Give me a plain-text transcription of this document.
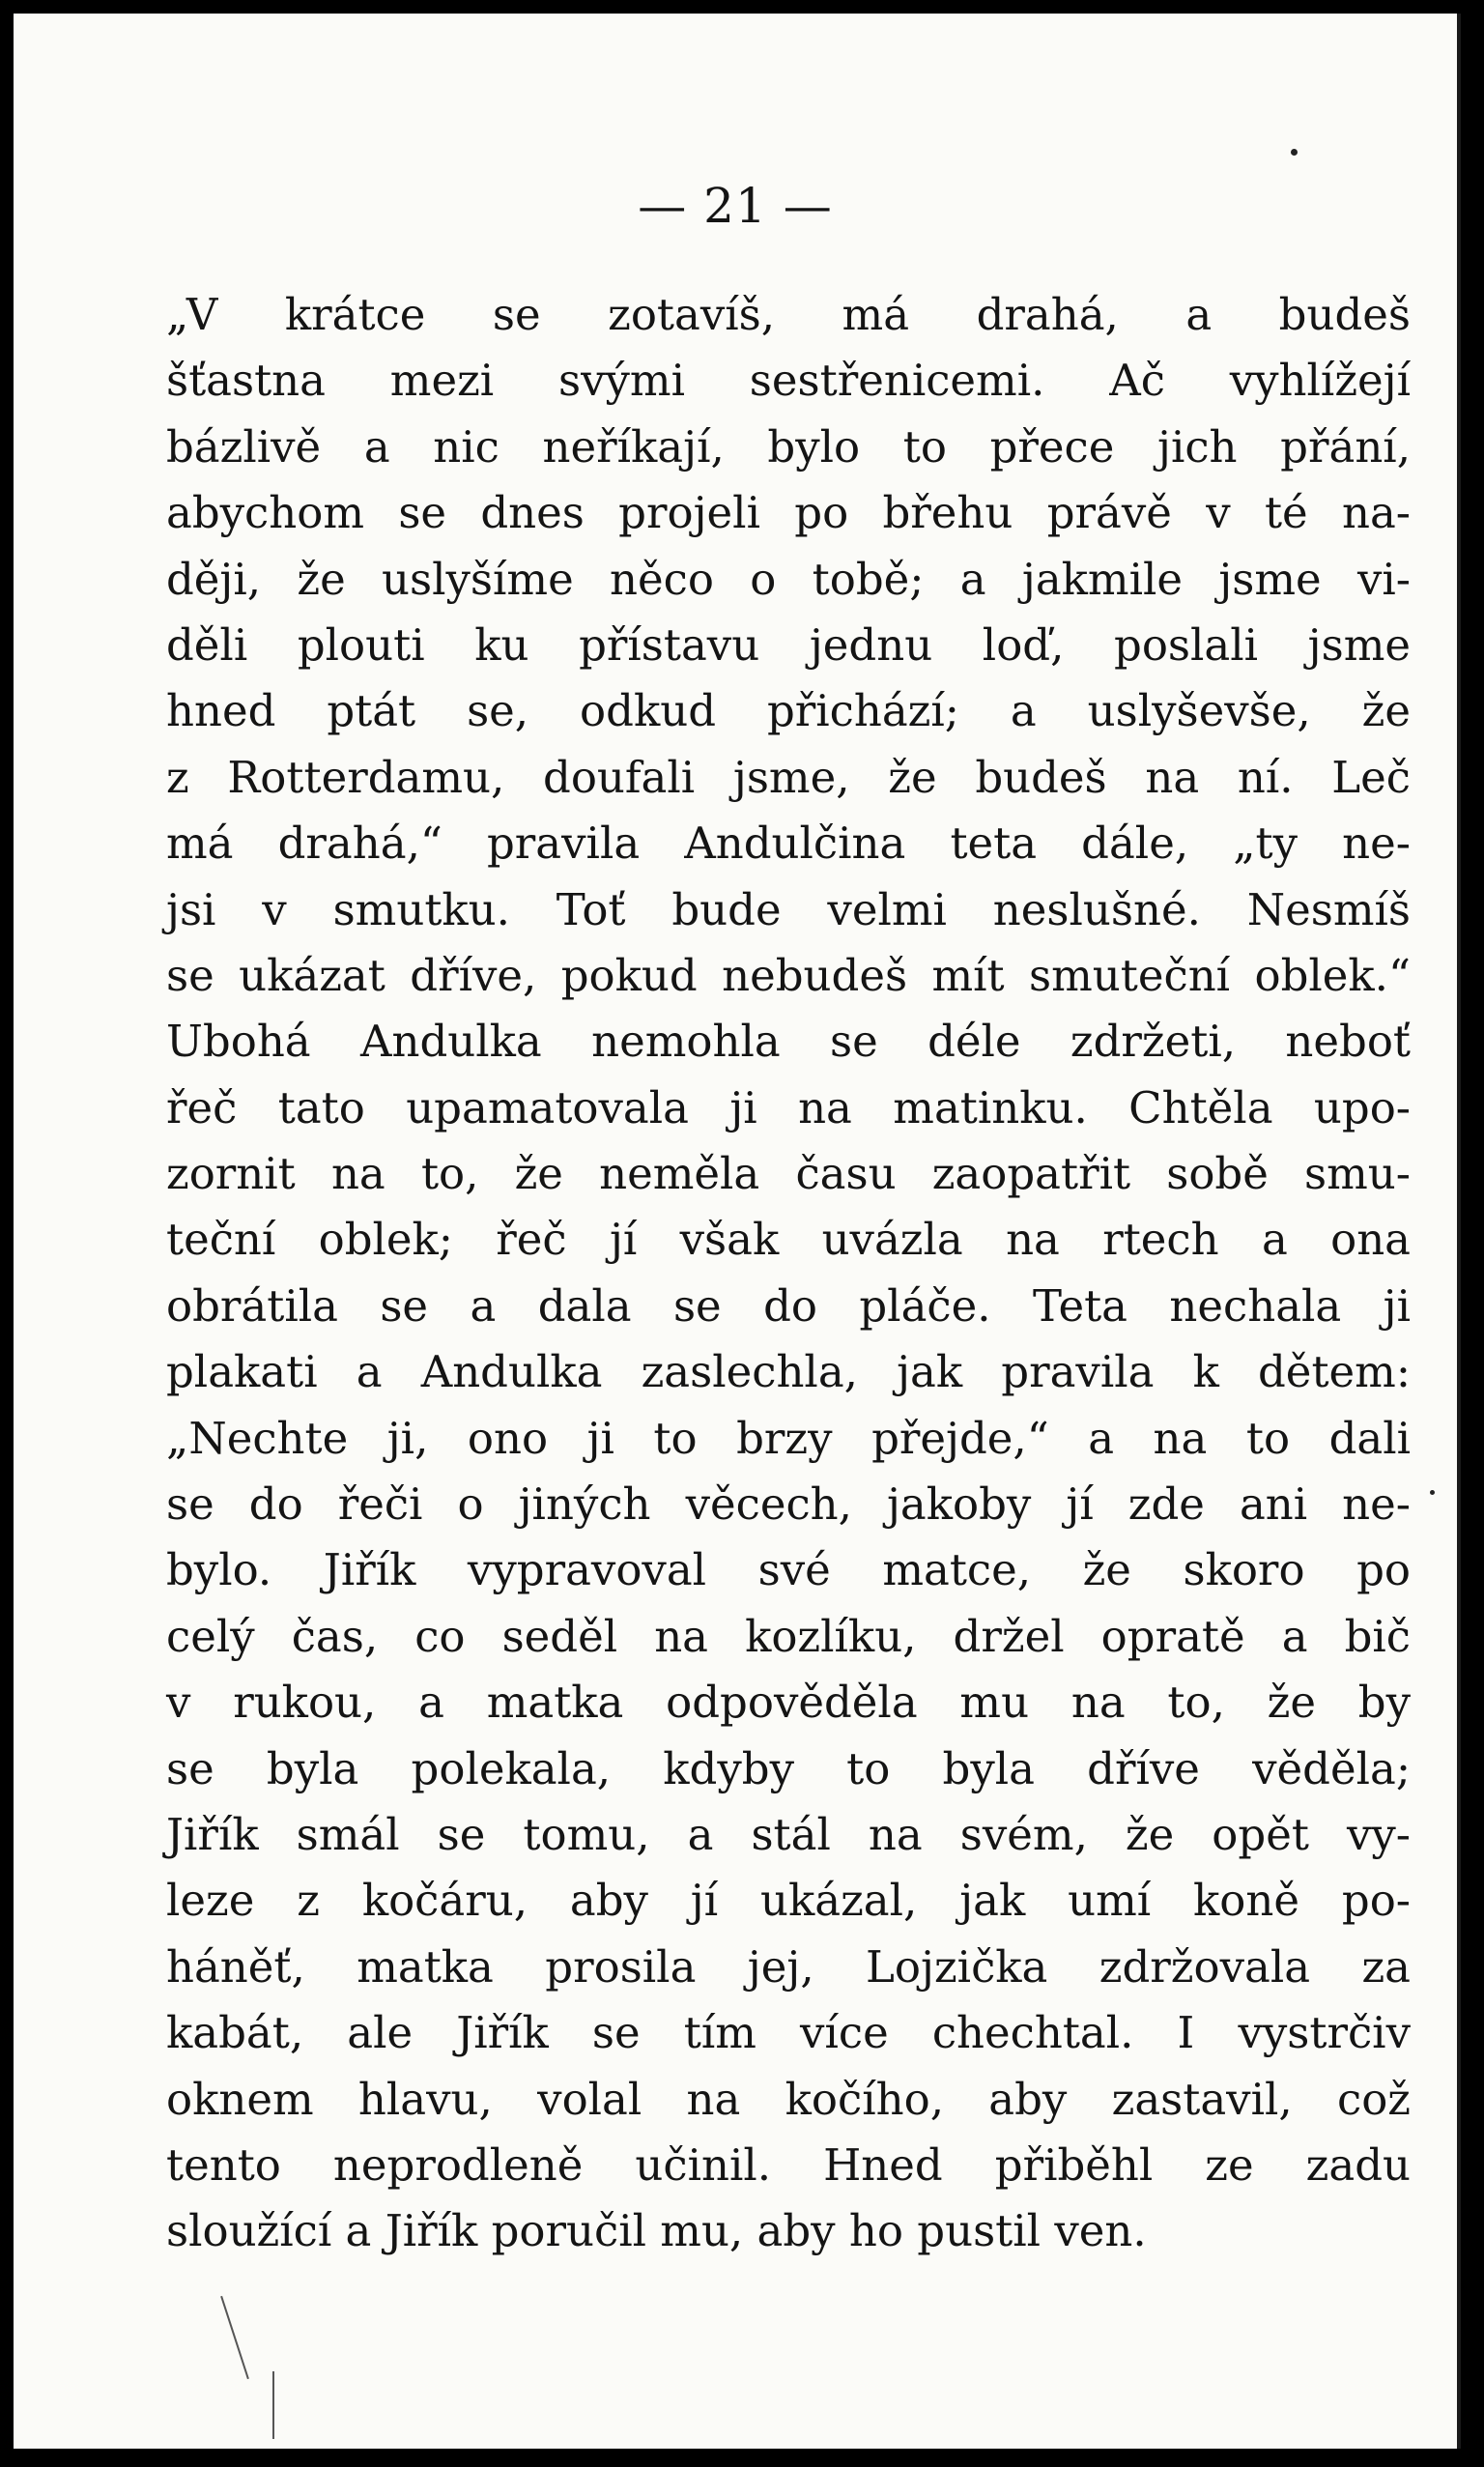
— 21 —
„V krátce se zotavíš, má drahá, a budeš
šťastna mezi svými sestřenicemi. Ač vyhlížejí
bázlivě a nic neříkají, bylo to přece jich přání,
abychom se dnes projeli po břehu právě v té na-
ději, že uslyšíme něco o tobě; a jakmile jsme vi-
děli plouti ku přístavu jednu loď, poslali jsme
hned ptát se, odkud přichází; a uslyševše, že
z Rotterdamu, doufali jsme, že budeš na ní. Leč
má drahá,“ pravila Andulčina teta dále, „ty ne-
jsi v smutku. Toť bude velmi neslušné. Nesmíš
se ukázat dříve, pokud nebudeš mít smuteční oblek.“
Ubohá Andulka nemohla se déle zdržeti, neboť
řeč tato upamatovala ji na matinku. Chtěla upo-
zornit na to, že neměla času zaopatřit sobě smu-
teční oblek; řeč jí však uvázla na rtech a ona
obrátila se a dala se do pláče. Teta nechala ji
plakati a Andulka zaslechla, jak pravila k dětem:
„Nechte ji, ono ji to brzy přejde,“ a na to dali
se do řeči o jiných věcech, jakoby jí zde ani ne-
bylo. Jiřík vypravoval své matce, že skoro po
celý čas, co seděl na kozlíku, držel opratě a bič
v rukou, a matka odpověděla mu na to, že by
se byla polekala, kdyby to byla dříve věděla;
Jiřík smál se tomu, a stál na svém, že opět vy-
leze z kočáru, aby jí ukázal, jak umí koně po-
háněť, matka prosila jej, Lojzička zdržovala za
kabát, ale Jiřík se tím více chechtal. I vystrčiv
oknem hlavu, volal na kočího, aby zastavil, což
tento neprodleně učinil. Hned přiběhl ze zadu
sloužící a Jiřík poručil mu, aby ho pustil ven.
